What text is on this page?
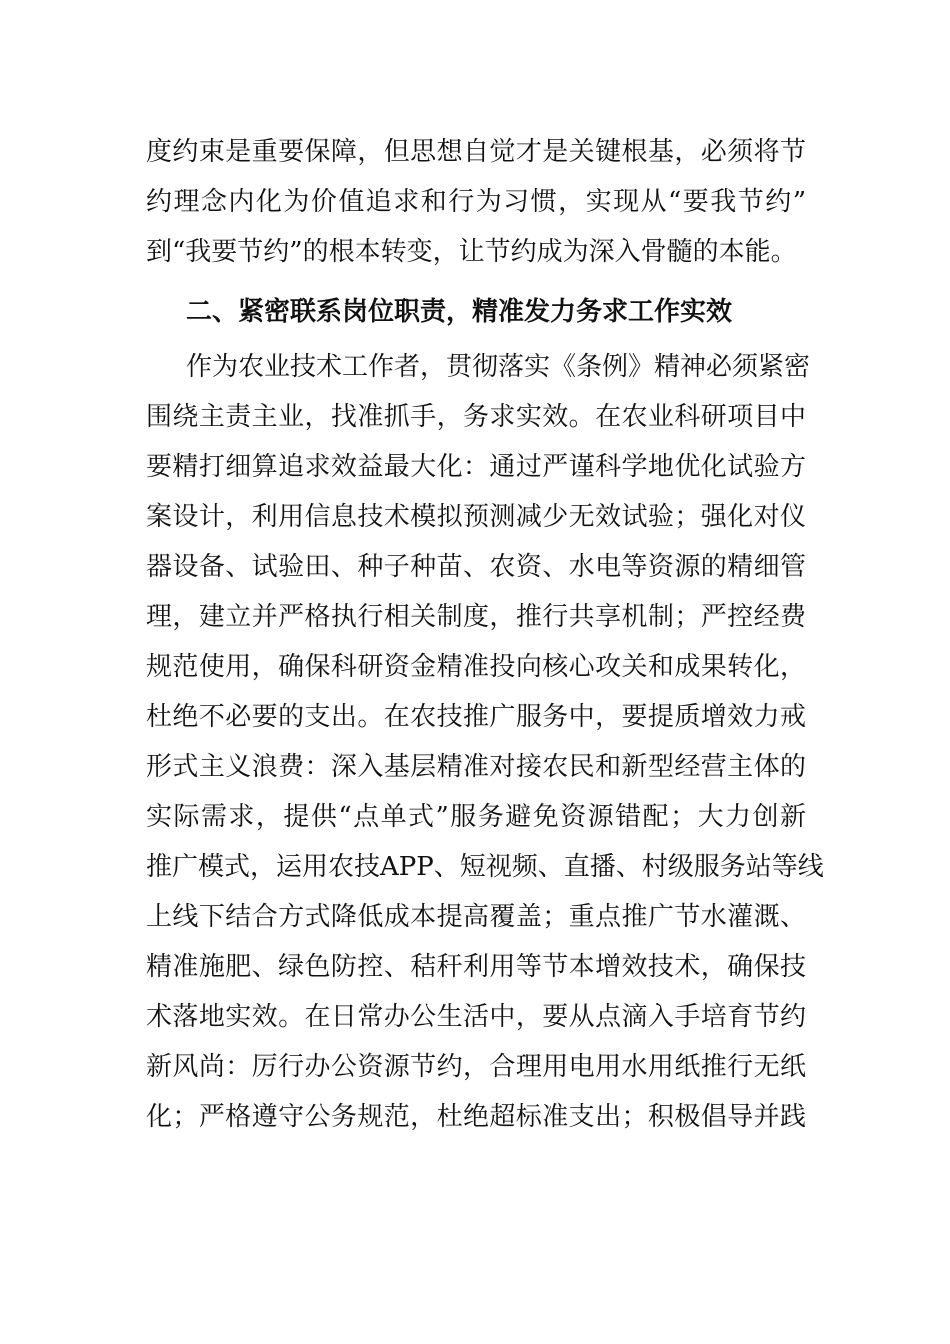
度约束是重要保障，但思想自觉才是关键根基，必须将节
约理念内化为价值追求和行为习惯，实现从“要我节约”
到“我要节约”的根本转变，让节约成为深入骨髓的本能。
二、紧密联系岗位职责，精准发力务求工作实效
作为农业技术工作者，贯彻落实《条例》精神必须紧密
围绕主责主业，找准抓手，务求实效。在农业科研项目中
要精打细算追求效益最大化：通过严谨科学地优化试验方
案设计，利用信息技术模拟预测减少无效试验；强化对仪
器设备、试验田、种子种苗、农资、水电等资源的精细管
理，建立并严格执行相关制度，推行共享机制；严控经费
规范使用，确保科研资金精准投向核心攻关和成果转化，
杜绝不必要的支出。在农技推广服务中，要提质增效力戒
形式主义浪费：深入基层精准对接农民和新型经营主体的
实际需求，提供“点单式”服务避免资源错配；大力创新
推广模式，运用农技APP、短视频、直播、村级服务站等线
上线下结合方式降低成本提高覆盖；重点推广节水灌溉、
精准施肥、绿色防控、秸秆利用等节本增效技术，确保技
术落地实效。在日常办公生活中，要从点滴入手培育节约
新风尚：厉行办公资源节约，合理用电用水用纸推行无纸
化；严格遵守公务规范，杜绝超标准支出；积极倡导并践
